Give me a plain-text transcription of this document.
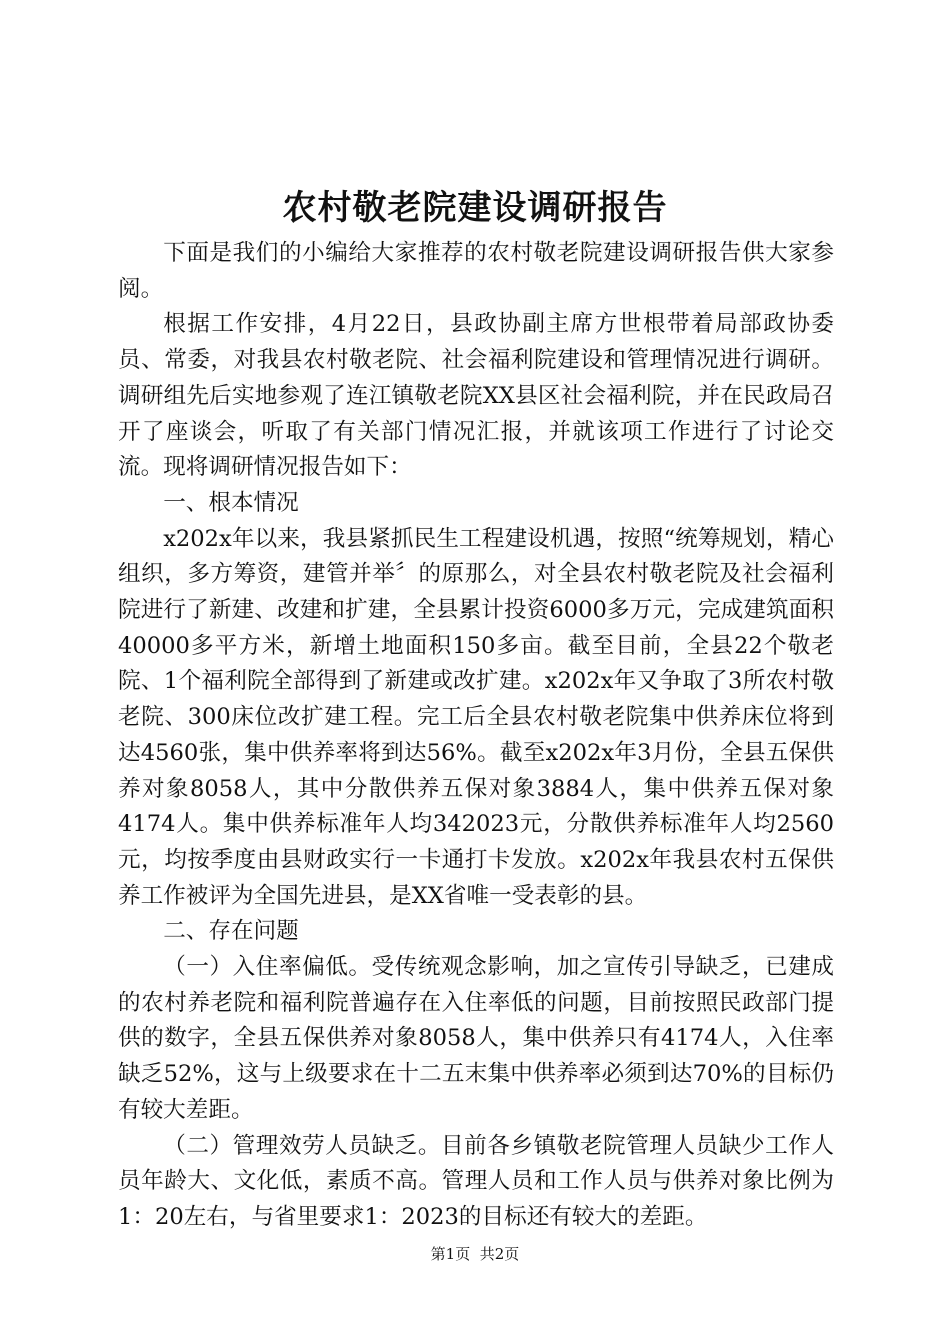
农村敬老院建设调研报告

下面是我们的小编给大家推荐的农村敬老院建设调研报告供大家参阅。

根据工作安排，4月22日，县政协副主席方世根带着局部政协委员、常委，对我县农村敬老院、社会福利院建设和管理情况进行调研。调研组先后实地参观了连江镇敬老院XX县区社会福利院，并在民政局召开了座谈会，听取了有关部门情况汇报，并就该项工作进行了讨论交流。现将调研情况报告如下：

一、根本情况

x202x年以来，我县紧抓民生工程建设机遇，按照“统筹规划，精心组织，多方筹资，建管并举〞的原那么，对全县农村敬老院及社会福利院进行了新建、改建和扩建，全县累计投资6000多万元，完成建筑面积40000多平方米，新增土地面积150多亩。截至目前，全县22个敬老院、1个福利院全部得到了新建或改扩建。x202x年又争取了3所农村敬老院、300床位改扩建工程。完工后全县农村敬老院集中供养床位将到达4560张，集中供养率将到达56%。截至x202x年3月份，全县五保供养对象8058人，其中分散供养五保对象3884人，集中供养五保对象4174人。集中供养标准年人均342023元，分散供养标准年人均2560元，均按季度由县财政实行一卡通打卡发放。x202x年我县农村五保供养工作被评为全国先进县，是XX省唯一受表彰的县。

二、存在问题

（一）入住率偏低。受传统观念影响，加之宣传引导缺乏，已建成的农村养老院和福利院普遍存在入住率低的问题，目前按照民政部门提供的数字，全县五保供养对象8058人，集中供养只有4174人，入住率缺乏52%，这与上级要求在十二五末集中供养率必须到达70%的目标仍有较大差距。

（二）管理效劳人员缺乏。目前各乡镇敬老院管理人员缺少工作人员年龄大、文化低，素质不高。管理人员和工作人员与供养对象比例为1：20左右，与省里要求1：2023的目标还有较大的差距。

第1页 共2页
